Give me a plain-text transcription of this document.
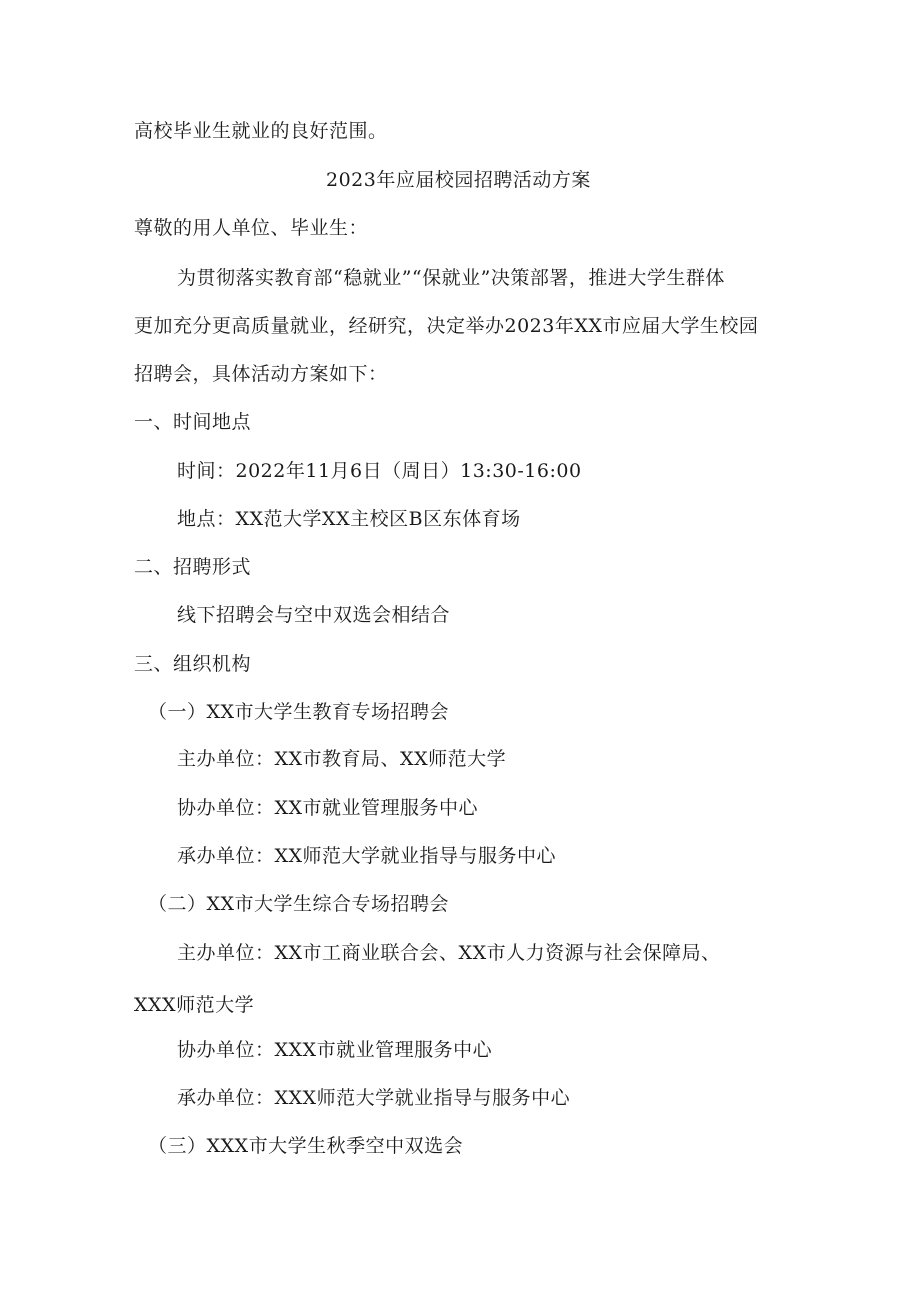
高校毕业生就业的良好范围。
2023年应届校园招聘活动方案
尊敬的用人单位、毕业生：
为贯彻落实教育部“稳就业”“保就业”决策部署，推进大学生群体
更加充分更高质量就业，经研究，决定举办2023年XX市应届大学生校园
招聘会，具体活动方案如下：
一、时间地点
时间：2022年11月6日（周日）13:30-16:00
地点：XX范大学XX主校区B区东体育场
二、招聘形式
线下招聘会与空中双选会相结合
三、组织机构
（一）XX市大学生教育专场招聘会
主办单位：XX市教育局、XX师范大学
协办单位：XX市就业管理服务中心
承办单位：XX师范大学就业指导与服务中心
（二）XX市大学生综合专场招聘会
主办单位：XX市工商业联合会、XX市人力资源与社会保障局、
XXX师范大学
协办单位：XXX市就业管理服务中心
承办单位：XXX师范大学就业指导与服务中心
（三）XXX市大学生秋季空中双选会
